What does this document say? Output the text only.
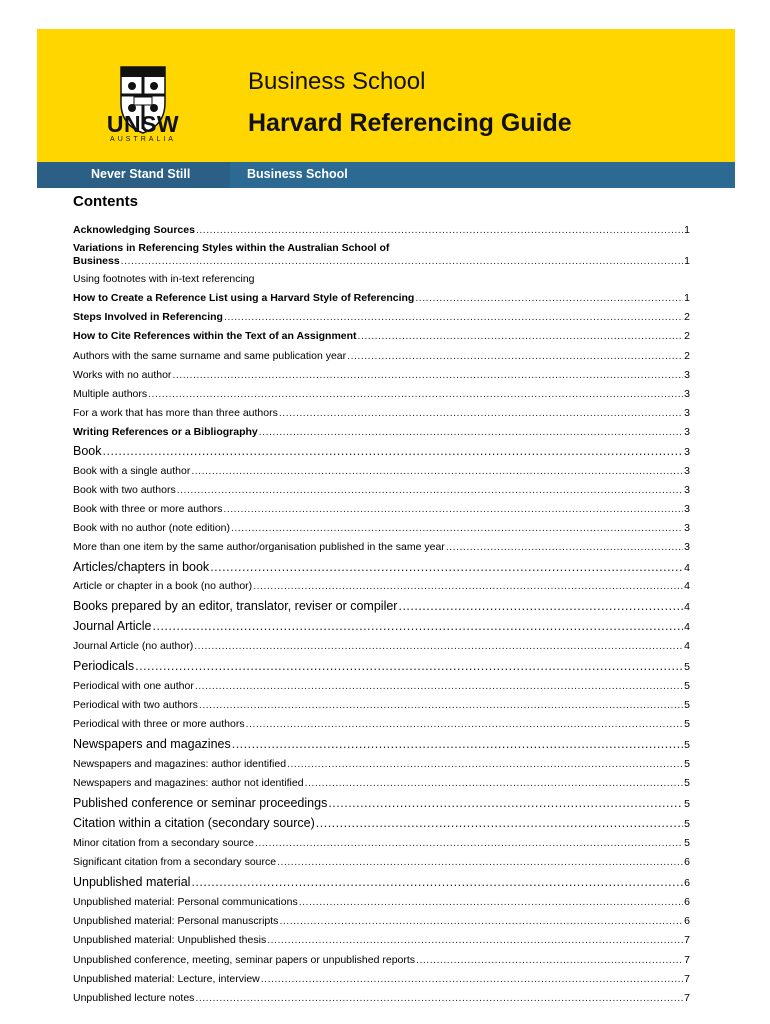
UNSW
AUSTRALIA
Business School
Harvard Referencing Guide
Never Stand Still	Business School
Contents
Acknowledging Sources .....	1
Variations in Referencing Styles within the Australian School of
Business .....	1
Using footnotes with in-text referencing
How to Create a Reference List using a Harvard Style of Referencing .....	1
Steps Involved in Referencing .....	2
How to Cite References within the Text of an Assignment .....	2
Authors with the same surname and same publication year .....	2
Works with no author .....	3
Multiple authors .....	3
For a work that has more than three authors .....	3
Writing References or a Bibliography .....	3
Book .....	3
Book with a single author .....	3
Book with two authors .....	3
Book with three or more authors .....	3
Book with no author (note edition) .....	3
More than one item by the same author/organisation published in the same year .....	3
Articles/chapters in book .....	4
Article or chapter in a book (no author) .....	4
Books prepared by an editor, translator, reviser or compiler .....	4
Journal Article .....	4
Journal Article (no author) .....	4
Periodicals .....	5
Periodical with one author .....	5
Periodical with two authors .....	5
Periodical with three or more authors .....	5
Newspapers and magazines .....	5
Newspapers and magazines: author identified .....	5
Newspapers and magazines: author not identified .....	5
Published conference or seminar proceedings .....	5
Citation within a citation (secondary source) .....	5
Minor citation from a secondary source .....	5
Significant citation from a secondary source .....	6
Unpublished material .....	6
Unpublished material: Personal communications .....	6
Unpublished material: Personal manuscripts .....	6
Unpublished material: Unpublished thesis .....	7
Unpublished conference, meeting, seminar papers or unpublished reports .....	7
Unpublished material: Lecture, interview .....	7
Unpublished lecture notes .....	7
